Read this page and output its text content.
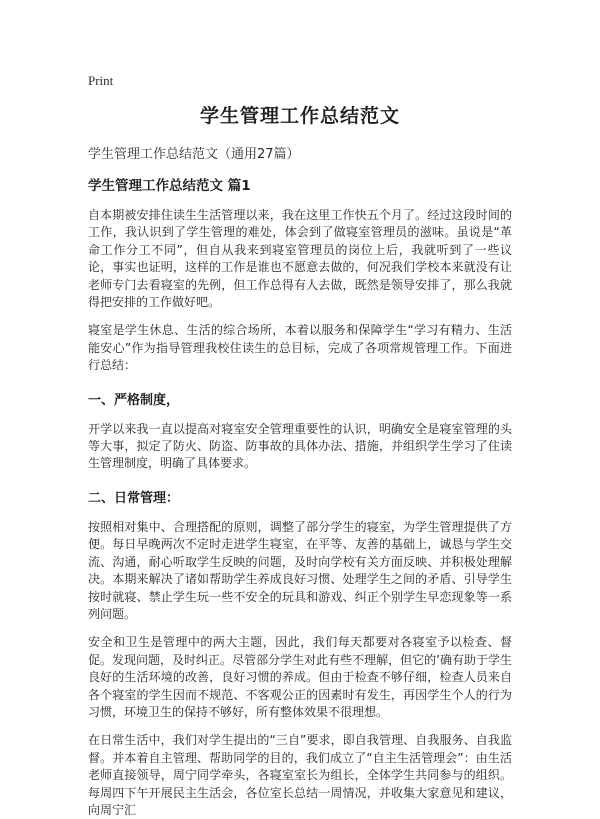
Print
学生管理工作总结范文

学生管理工作总结范文（通用27篇）

学生管理工作总结范文 篇1

自本期被安排住读生生活管理以来，我在这里工作快五个月了。经过这段时间的工作，我认识到了学生管理的难处，体会到了做寝室管理员的滋味。虽说是“革命工作分工不同”，但自从我来到寝室管理员的岗位上后，我就听到了一些议论，事实也证明，这样的工作是谁也不愿意去做的，何况我们学校本来就没有让老师专门去看寝室的先例，但工作总得有人去做，既然是领导安排了，那么我就得把安排的工作做好吧。

寝室是学生休息、生活的综合场所，本着以服务和保障学生“学习有精力、生活能安心”作为指导管理我校住读生的总目标，完成了各项常规管理工作。下面进行总结：

一、严格制度，

开学以来我一直以提高对寝室安全管理重要性的认识，明确安全是寝室管理的头等大事，拟定了防火、防盗、防事故的具体办法、措施，并组织学生学习了住读生管理制度，明确了具体要求。

二、日常管理：

按照相对集中、合理搭配的原则，调整了部分学生的寝室，为学生管理提供了方便。每日早晚两次不定时走进学生寝室，在平等、友善的基础上，诚恳与学生交流、沟通，耐心听取学生反映的问题，及时向学校有关方面反映、并积极处理解决。本期来解决了诸如帮助学生养成良好习惯、处理学生之间的矛盾、引导学生按时就寝、禁止学生玩一些不安全的玩具和游戏、纠正个别学生早恋现象等一系列问题。

安全和卫生是管理中的两大主题，因此，我们每天都要对各寝室予以检查、督促。发现问题，及时纠正。尽管部分学生对此有些不理解，但它的’确有助于学生良好的生活环境的改善，良好习惯的养成。但由于检查不够仔细，检查人员来自各个寝室的学生因而不规范、不客观公正的因素时有发生，再因学生个人的行为习惯，环境卫生的保持不够好，所有整体效果不很理想。

在日常生活中，我们对学生提出的“三自”要求，即自我管理、自我服务、自我监督。并本着自主管理、帮助同学的目的，我们成立了“自主生活管理会”：由生活老师直接领导，周宁同学牵头，各寝室室长为组长，全体学生共同参与的组织。每周四下午开展民主生活会，各位室长总结一周情况，并收集大家意见和建议，向周宁汇
